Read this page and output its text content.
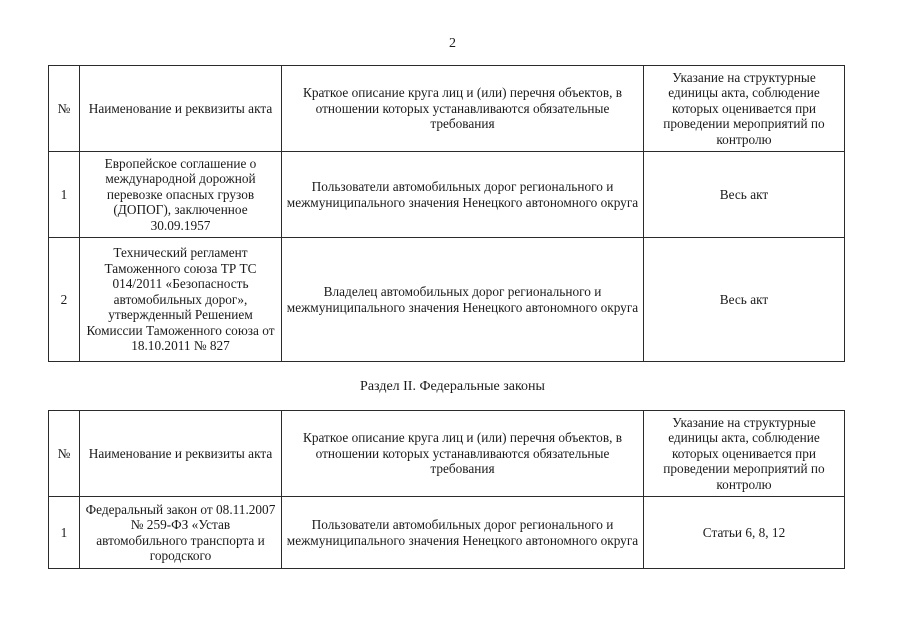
2
№	Наименование и реквизиты акта	Краткое описание круга лиц и (или) перечня объектов, в отношении которых устанавливаются обязательные требования	Указание на структурные единицы акта, соблюдение которых оценивается при проведении мероприятий по контролю
1	Европейское соглашение о международной дорожной перевозке опасных грузов (ДОПОГ), заключенное 30.09.1957	Пользователи автомобильных дорог регионального и межмуниципального значения Ненецкого автономного округа	Весь акт
2	Технический регламент Таможенного союза ТР ТС 014/2011 «Безопасность автомобильных дорог», утвержденный Решением Комиссии Таможенного союза от 18.10.2011 № 827	Владелец автомобильных дорог регионального и межмуниципального значения Ненецкого автономного округа	Весь акт
Раздел II. Федеральные законы
№	Наименование и реквизиты акта	Краткое описание круга лиц и (или) перечня объектов, в отношении которых устанавливаются обязательные требования	Указание на структурные единицы акта, соблюдение которых оценивается при проведении мероприятий по контролю
1	Федеральный закон от 08.11.2007 № 259-ФЗ «Устав автомобильного транспорта и городского	Пользователи автомобильных дорог регионального и межмуниципального значения Ненецкого автономного округа	Статьи 6, 8, 12
